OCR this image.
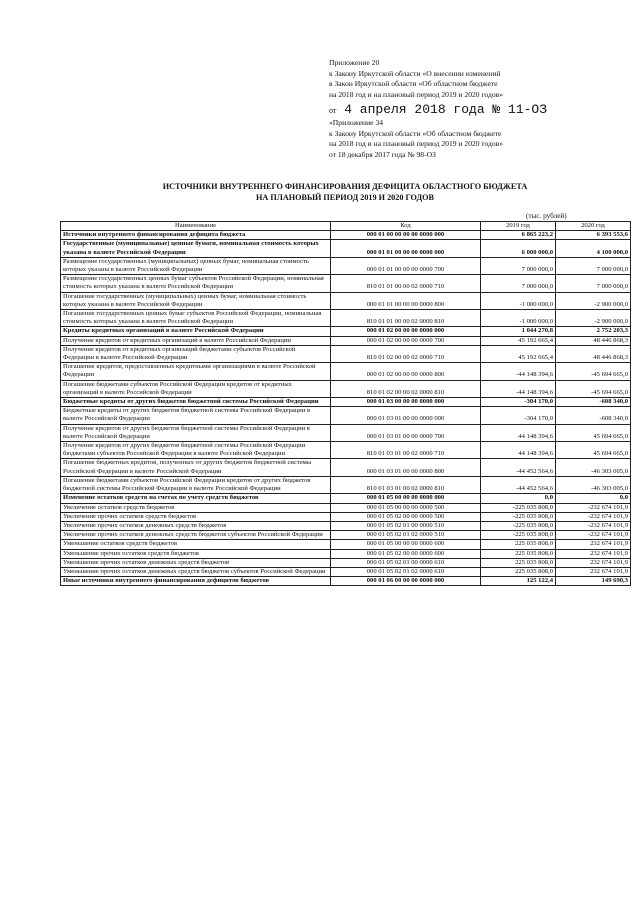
Приложение 20
к Закону Иркутской области «О внесении изменений
в Закон Иркутской области «Об областном бюджете
на 2018 год и на плановый период 2019 и 2020 годов»
от 4 апреля 2018 года № 11-ОЗ
«Приложение 34
к Закону Иркутской области «Об областном бюджете
на 2018 год и на плановый период 2019 и 2020 годов»
от 18 декабря 2017 года № 98-ОЗ
ИСТОЧНИКИ ВНУТРЕННЕГО ФИНАНСИРОВАНИЯ ДЕФИЦИТА ОБЛАСТНОГО БЮДЖЕТА
НА ПЛАНОВЫЙ ПЕРИОД 2019 И 2020 ГОДОВ
(тыс. рублей)
Наименование	Код	2019 год	2020 год
Источники внутреннего финансирования дефицита бюджета	000 01 00 00 00 00 0000 000	6 865 223,2	6 393 553,6
Государственные (муниципальные) ценные бумаги, номинальная стоимость которых указана в валюте Российской Федерации	000 01 01 00 00 00 0000 000	6 000 000,0	4 100 000,0
Размещение государственных (муниципальных) ценных бумаг, номинальная стоимость которых указана в валюте Российской Федерации	000 01 01 00 00 00 0000 700	7 000 000,0	7 000 000,0
Размещение государственных ценных бумаг субъектов Российской Федерации, номинальная стоимость которых указана в валюте Российской Федерации	810 01 01 00 00 02 0000 710	7 000 000,0	7 000 000,0
Погашение государственных (муниципальных) ценных бумаг, номинальная стоимость которых указана в валюте Российской Федерации	000 01 01 00 00 00 0000 800	-1 000 000,0	-2 900 000,0
Погашение государственных ценных бумаг субъектов Российской Федерации, номинальная стоимость которых указана в валюте Российской Федерации	810 01 01 00 00 02 0000 810	-1 000 000,0	-2 900 000,0
Кредиты кредитных организаций в валюте Российской Федерации	000 01 02 00 00 00 0000 000	1 044 270,8	2 752 203,3
Получение кредитов от кредитных организаций в валюте Российской Федерации	000 01 02 00 00 00 0000 700	45 192 665,4	48 446 868,3
Получение кредитов от кредитных организаций бюджетами субъектов Российской Федерации в валюте Российской Федерации	810 01 02 00 00 02 0000 710	45 192 665,4	48 446 868,3
Погашение кредитов, предоставленных кредитными организациями в валюте Российской Федерации	000 01 02 00 00 00 0000 800	-44 148 394,6	-45 694 665,0
Погашение бюджетами субъектов Российской Федерации кредитов от кредитных организаций в валюте Российской Федерации	810 01 02 00 00 02 0000 810	-44 148 394,6	-45 694 665,0
Бюджетные кредиты от других бюджетов бюджетной системы Российской Федерации	000 01 03 00 00 00 0000 000	-304 170,0	-608 340,0
Бюджетные кредиты от других бюджетов бюджетной системы Российской Федерации в валюте Российской Федерации	000 01 03 01 00 00 0000 000	-304 170,0	-608 340,0
Получение кредитов от других бюджетов бюджетной системы Российской Федерации в валюте Российской Федерации	000 01 03 01 00 00 0000 700	44 148 394,6	45 694 665,0
Получение кредитов от других бюджетов бюджетной системы Российской Федерации бюджетами субъектов Российской Федерации в валюте Российской Федерации	810 01 03 01 00 02 0000 710	44 148 394,6	45 694 665,0
Погашение бюджетных кредитов, полученных от других бюджетов бюджетной системы Российской Федерации в валюте Российской Федерации	000 01 03 01 00 00 0000 800	-44 452 564,6	-46 303 005,0
Погашение бюджетами субъектов Российской Федерации кредитов от других бюджетов бюджетной системы Российской Федерации в валюте Российской Федерации	810 01 03 01 00 02 0000 810	-44 452 564,6	-46 303 005,0
Изменение остатков средств на счетах по учету средств бюджетов	000 01 05 00 00 00 0000 000	0,0	0,0
Увеличение остатков средств бюджетов	000 01 05 00 00 00 0000 500	-225 035 808,0	-232 674 101,9
Увеличение прочих остатков средств бюджетов	000 01 05 02 00 00 0000 500	-225 035 808,0	-232 674 101,9
Увеличение прочих остатков денежных средств бюджетов	000 01 05 02 01 00 0000 510	-225 035 808,0	-232 674 101,9
Увеличение прочих остатков денежных средств бюджетов субъектов Российской Федерации	000 01 05 02 01 02 0000 510	-225 035 808,0	-232 674 101,9
Уменьшение остатков средств бюджетов	000 01 05 00 00 00 0000 600	225 035 808,0	232 674 101,9
Уменьшение прочих остатков средств бюджетов	000 01 05 02 00 00 0000 600	225 035 808,0	232 674 101,9
Уменьшение прочих остатков денежных средств бюджетов	000 01 05 02 01 00 0000 610	225 035 808,0	232 674 101,9
Уменьшение прочих остатков денежных средств бюджетов субъектов Российской Федерации	000 01 05 02 01 02 0000 610	225 035 808,0	232 674 101,9
Иные источники внутреннего финансирования дефицитов бюджетов	000 01 06 00 00 00 0000 000	125 122,4	149 690,3
